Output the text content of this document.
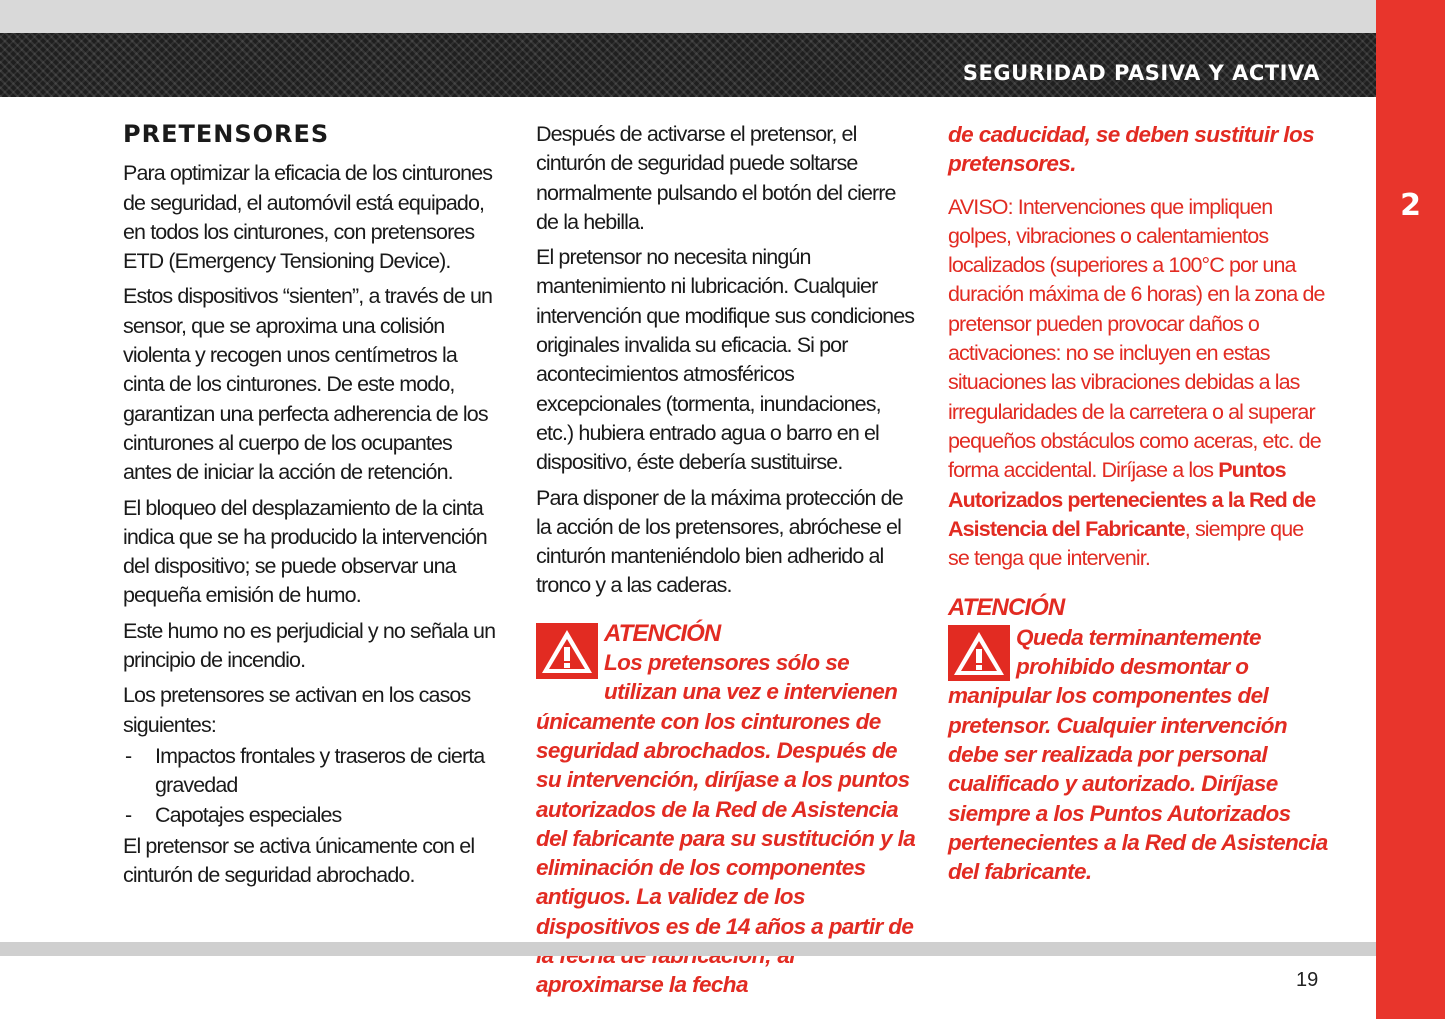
SEGURIDAD PASIVA Y ACTIVA
2
PRETENSORES

Para optimizar la eficacia de los cinturones de seguridad, el automóvil está equipado, en todos los cinturones, con pretensores ETD (Emergency Tensioning Device).

Estos dispositivos “sienten”, a través de un sensor, que se aproxima una colisión violenta y recogen unos centímetros la cinta de los cinturones. De este modo, garantizan una perfecta adherencia de los cinturones al cuerpo de los ocupantes antes de iniciar la acción de retención.

El bloqueo del desplazamiento de la cinta indica que se ha producido la intervención del dispositivo; se puede observar una pequeña emisión de humo.

Este humo no es perjudicial y no señala un principio de incendio.

Los pretensores se activan en los casos siguientes:

- Impactos frontales y traseros de cierta gravedad
- Capotajes especiales

El pretensor se activa únicamente con el cinturón de seguridad abrochado.

Después de activarse el pretensor, el cinturón de seguridad puede soltarse normalmente pulsando el botón del cierre de la hebilla.

El pretensor no necesita ningún mantenimiento ni lubricación. Cualquier intervención que modifique sus condiciones originales invalida su eficacia. Si por acontecimientos atmosféricos excepcionales (tormenta, inundaciones, etc.) hubiera entrado agua o barro en el dispositivo, éste debería sustituirse.

Para disponer de la máxima protección de la acción de los pretensores, abróchese el cinturón manteniéndolo bien adherido al tronco y a las caderas.

ATENCIÓN
Los pretensores sólo se utilizan una vez e intervienen únicamente con los cinturones de seguridad abrochados. Después de su intervención, diríjase a los puntos autorizados de la Red de Asistencia del fabricante para su sustitución y la eliminación de los componentes antiguos. La validez de los dispositivos es de 14 años a partir de aproximarse la fecha

de caducidad, se deben sustituir los pretensores.

AVISO: Intervenciones que impliquen golpes, vibraciones o calentamientos localizados (superiores a 100°C por una duración máxima de 6 horas) en la zona de pretensor pueden provocar daños o activaciones: no se incluyen en estas situaciones las vibraciones debidas a las irregularidades de la carretera o al superar pequeños obstáculos como aceras, etc. de forma accidental. Diríjase a los Puntos Autorizados pertenecientes a la Red de Asistencia del Fabricante, siempre que se tenga que intervenir.

ATENCIÓN
Queda terminantemente prohibido desmontar o manipular los componentes del pretensor. Cualquier intervención debe ser realizada por personal cualificado y autorizado. Diríjase siempre a los Puntos Autorizados pertenecientes a la Red de Asistencia del fabricante.
19
